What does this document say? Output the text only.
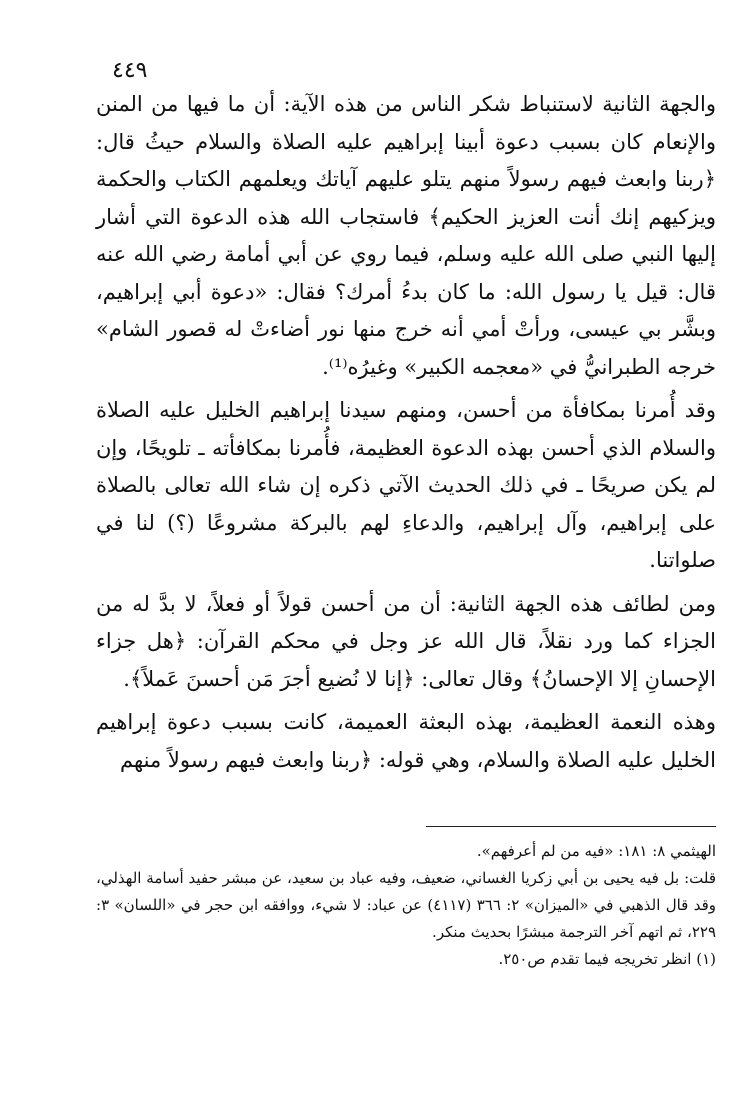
٤٤٩

والجهة الثانية لاستنباط شكر الناس من هذه الآية: أن ما فيها من المنن والإنعام كان بسبب دعوة أبينا إبراهيم عليه الصلاة والسلام حيثُ قال: ﴿ربنا وابعث فيهم رسولاً منهم يتلو عليهم آياتك ويعلمهم الكتاب والحكمة ويزكيهم إنك أنت العزيز الحكيم﴾ فاستجاب الله هذه الدعوة التي أشار إليها النبي صلى الله عليه وسلم، فيما روي عن أبي أمامة رضي الله عنه قال: قيل يا رسول الله: ما كان بدءُ أمرك؟ فقال: «دعوة أبي إبراهيم، وبشَّر بي عيسى، ورأتْ أمي أنه خرج منها نور أضاءتْ له قصور الشام» خرجه الطبرانيُّ في «معجمه الكبير» وغيرُه⁽¹⁾.

وقد أُمرنا بمكافأة من أحسن، ومنهم سيدنا إبراهيم الخليل عليه الصلاة والسلام الذي أحسن بهذه الدعوة العظيمة، فأُمرنا بمكافأته ـ تلويحًا، وإن لم يكن صريحًا ـ في ذلك الحديث الآتي ذكره إن شاء الله تعالى بالصلاة على إبراهيم، وآل إبراهيم، والدعاءِ لهم بالبركة مشروعًا (؟) لنا في صلواتنا.

ومن لطائف هذه الجهة الثانية: أن من أحسن قولاً أو فعلاً، لا بدَّ له من الجزاء كما ورد نقلاً، قال الله عز وجل في محكم القرآن: ﴿هل جزاء الإحسانِ إلا الإحسانُ﴾ وقال تعالى: ﴿إنا لا نُضيع أجرَ مَن أحسنَ عَملاً﴾.

وهذه النعمة العظيمة، بهذه البعثة العميمة، كانت بسبب دعوة إبراهيم الخليل عليه الصلاة والسلام، وهي قوله: ﴿ربنا وابعث فيهم رسولاً منهم

الهيثمي ٨: ١٨١: «فيه من لم أعرفهم».

قلت: بل فيه يحيى بن أبي زكريا الغساني، ضعيف، وفيه عباد بن سعيد، عن مبشر حفيد أسامة الهذلي، وقد قال الذهبي في «الميزان» ٢: ٣٦٦ (٤١١٧) عن عباد: لا شيء، ووافقه ابن حجر في «اللسان» ٣: ٢٢٩، ثم اتهم آخر الترجمة مبشرًا بحديث منكر.

(١) انظر تخريجه فيما تقدم ص٢٥٠.
